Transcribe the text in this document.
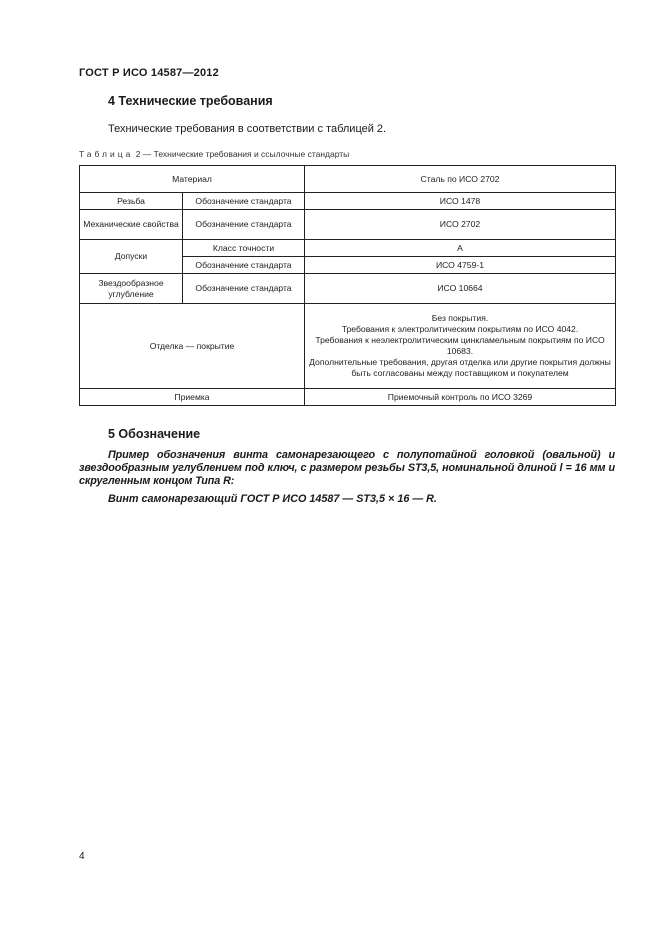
ГОСТ Р ИСО 14587—2012
4 Технические требования
Технические требования в соответствии с таблицей 2.
Таблица 2 — Технические требования и ссылочные стандарты
Материал		Сталь по ИСО 2702
Резьба	Обозначение стандарта	ИСО 1478
Механические свойства	Обозначение стандарта	ИСО 2702
Допуски	Класс точности	А
	Обозначение стандарта	ИСО 4759-1
Звездообразное углубление	Обозначение стандарта	ИСО 10664
Отделка — покрытие		Без покрытия.
Требования к электролитическим покрытиям по ИСО 4042.
Требования к неэлектролитическим цинкламельным покрытиям по ИСО 10683.
Дополнительные требования, другая отделка или другие покрытия должны быть согласованы между поставщиком и покупателем

Приемка		Приемочный контроль по ИСО 3269
5 Обозначение
Пример обозначения винта самонарезающего с полупотайной головкой (овальной) и звездообразным углублением под ключ, с размером резьбы ST3,5, номинальной длиной l = 16 мм и скругленным концом Типа R:
Винт самонарезающий ГОСТ Р ИСО 14587 — ST3,5 × 16 — R.
4
